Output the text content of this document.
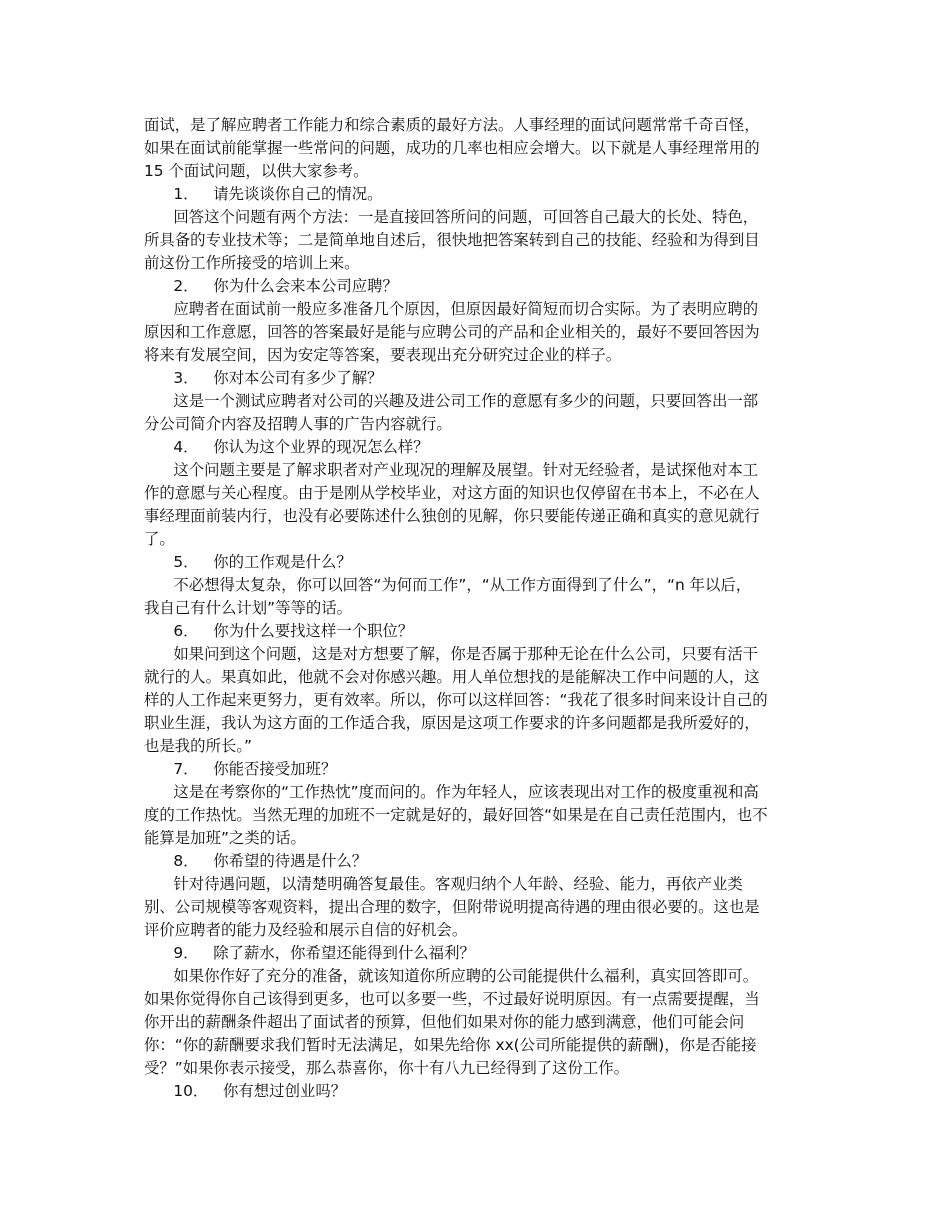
面试，是了解应聘者工作能力和综合素质的最好方法。人事经理的面试问题常常千奇百怪，
如果在面试前能掌握一些常问的问题，成功的几率也相应会增大。以下就是人事经理常用的
15 个面试问题，以供大家参考。
1．   请先谈谈你自己的情况。
回答这个问题有两个方法：一是直接回答所问的问题，可回答自己最大的长处、特色，
所具备的专业技术等；二是简单地自述后，很快地把答案转到自己的技能、经验和为得到目
前这份工作所接受的培训上来。
2．   你为什么会来本公司应聘？
应聘者在面试前一般应多准备几个原因，但原因最好简短而切合实际。为了表明应聘的
原因和工作意愿，回答的答案最好是能与应聘公司的产品和企业相关的，最好不要回答因为
将来有发展空间，因为安定等答案，要表现出充分研究过企业的样子。
3．   你对本公司有多少了解？
这是一个测试应聘者对公司的兴趣及进公司工作的意愿有多少的问题，只要回答出一部
分公司简介内容及招聘人事的广告内容就行。
4．   你认为这个业界的现况怎么样？
这个问题主要是了解求职者对产业现况的理解及展望。针对无经验者，是试探他对本工
作的意愿与关心程度。由于是刚从学校毕业，对这方面的知识也仅停留在书本上，不必在人
事经理面前装内行，也没有必要陈述什么独创的见解，你只要能传递正确和真实的意见就行
了。
5．   你的工作观是什么？
不必想得太复杂，你可以回答“为何而工作”，“从工作方面得到了什么”，“n 年以后，
我自己有什么计划”等等的话。
6．   你为什么要找这样一个职位？
如果问到这个问题，这是对方想要了解，你是否属于那种无论在什么公司，只要有活干
就行的人。果真如此，他就不会对你感兴趣。用人单位想找的是能解决工作中问题的人，这
样的人工作起来更努力，更有效率。所以，你可以这样回答：“我花了很多时间来设计自己的
职业生涯，我认为这方面的工作适合我，原因是这项工作要求的许多问题都是我所爱好的，
也是我的所长。”
7．   你能否接受加班？
这是在考察你的“工作热忱”度而问的。作为年轻人，应该表现出对工作的极度重视和高
度的工作热忱。当然无理的加班不一定就是好的，最好回答“如果是在自己责任范围内，也不
能算是加班”之类的话。
8．   你希望的待遇是什么？
针对待遇问题，以清楚明确答复最佳。客观归纳个人年龄、经验、能力，再依产业类
别、公司规模等客观资料，提出合理的数字，但附带说明提高待遇的理由很必要的。这也是
评价应聘者的能力及经验和展示自信的好机会。
9．   除了薪水，你希望还能得到什么福利？
如果你作好了充分的准备，就该知道你所应聘的公司能提供什么福利，真实回答即可。
如果你觉得你自己该得到更多，也可以多要一些，不过最好说明原因。有一点需要提醒，当
你开出的薪酬条件超出了面试者的预算，但他们如果对你的能力感到满意，他们可能会问
你：“你的薪酬要求我们暂时无法满足，如果先给你 xx(公司所能提供的薪酬)，你是否能接
受？”如果你表示接受，那么恭喜你，你十有八九已经得到了这份工作。
10．   你有想过创业吗？
